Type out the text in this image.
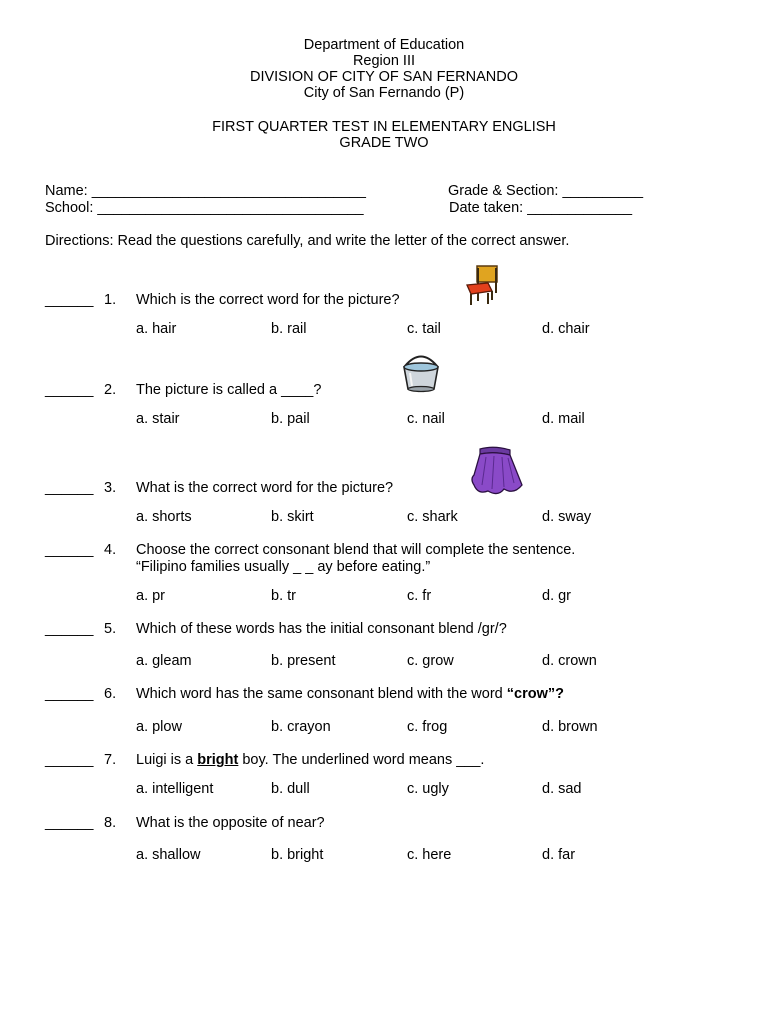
Department of Education
Region III
DIVISION OF CITY OF SAN FERNANDO
City of San Fernando (P)
FIRST QUARTER TEST IN ELEMENTARY ENGLISH
GRADE TWO
Name: __________________________________	Grade & Section: __________
School: _________________________________	Date taken: _____________
Directions: Read the questions carefully, and write the letter of the correct answer.
______ 1. Which is the correct word for the picture?
a. hair	b. rail	c. tail	d. chair
______ 2. The picture is called a ____?
a. stair	b. pail	c. nail	d. mail
______ 3. What is the correct word for the picture?
a. shorts	b. skirt	c. shark	d. sway
______ 4. Choose the correct consonant blend that will complete the sentence.
“Filipino families usually _ _ ay before eating.”
a. pr	b. tr	c. fr	d. gr
______ 5. Which of these words has the initial consonant blend /gr/?
a. gleam	b. present	c. grow	d. crown
______ 6. Which word has the same consonant blend with the word “crow”?
a. plow	b. crayon	c. frog	d. brown
______ 7. Luigi is a bright boy. The underlined word means ___.
a. intelligent	b. dull	c. ugly	d. sad
______ 8. What is the opposite of near?
a. shallow	b. bright	c. here	d. far
